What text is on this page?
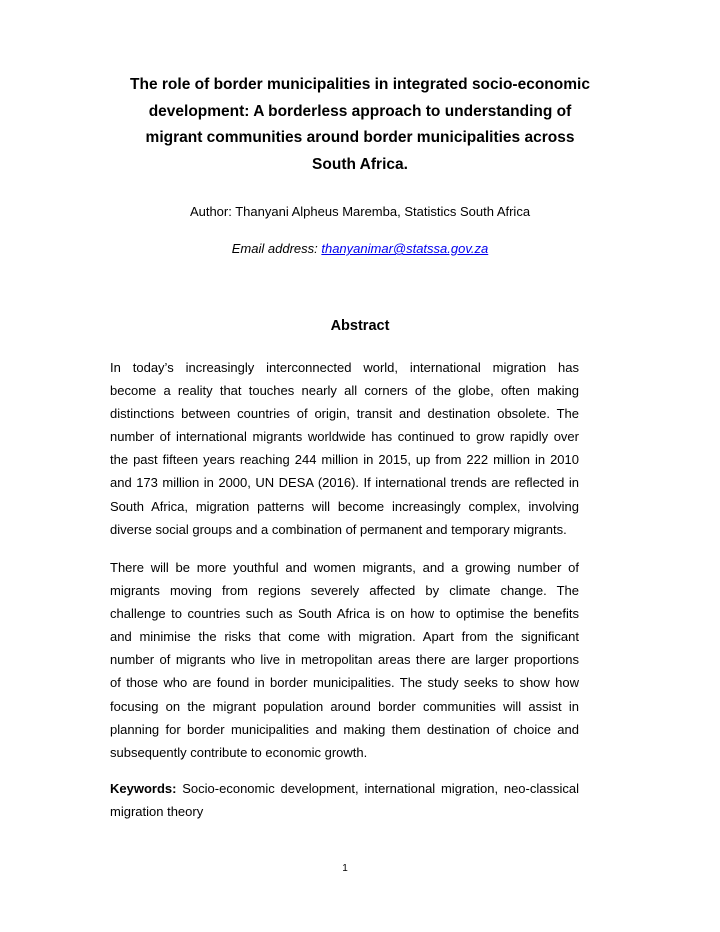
The role of border municipalities in integrated socio-economic
development: A borderless approach to understanding of
migrant communities around border municipalities across
South Africa.
Author: Thanyani Alpheus Maremba, Statistics South Africa
Email address: thanyanimar@statssa.gov.za
Abstract
In today’s increasingly interconnected world, international migration has
become a reality that touches nearly all corners of the globe, often making
distinctions between countries of origin, transit and destination obsolete. The
number of international migrants worldwide has continued to grow rapidly over
the past fifteen years reaching 244 million in 2015, up from 222 million in 2010
and 173 million in 2000, UN DESA (2016). If international trends are reflected in
South Africa, migration patterns will become increasingly complex, involving
diverse social groups and a combination of permanent and temporary migrants.
There will be more youthful and women migrants, and a growing number of
migrants moving from regions severely affected by climate change. The
challenge to countries such as South Africa is on how to optimise the benefits
and minimise the risks that come with migration. Apart from the significant
number of migrants who live in metropolitan areas there are larger proportions
of those who are found in border municipalities. The study seeks to show how
focusing on the migrant population around border communities will assist in
planning for border municipalities and making them destination of choice and
subsequently contribute to economic growth.
Keywords: Socio-economic development, international migration, neo-classical
migration theory
1
